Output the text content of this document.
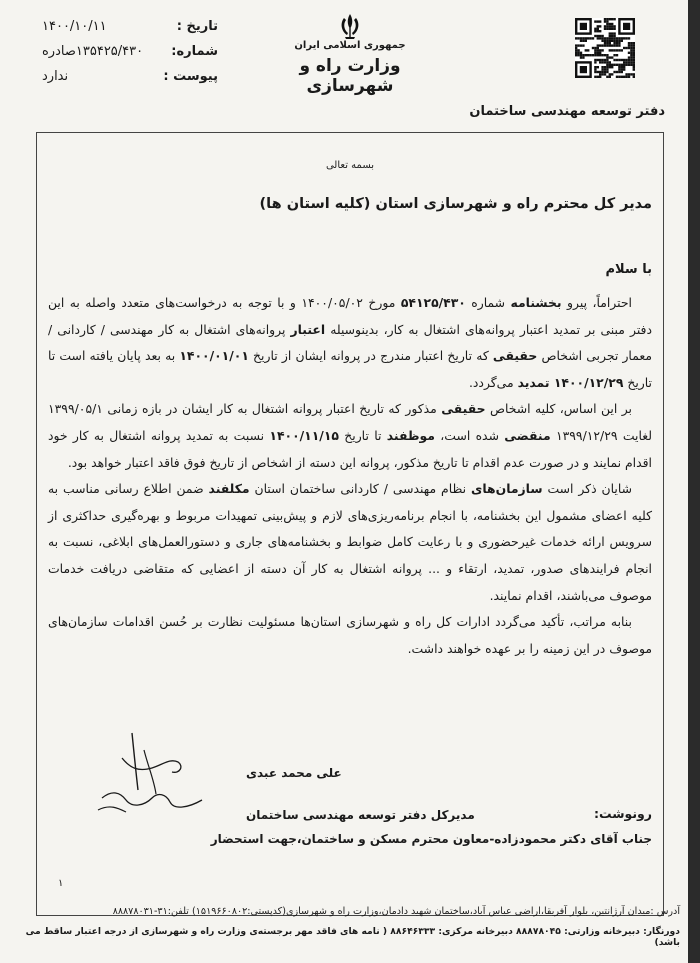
تاریخ :
۱۴۰۰/۱۰/۱۱
شماره:
۱۳۵۴۲۵/۴۳۰صادره
پیوست :
ندارد
جمهوری اسلامی ایران
وزارت راه و شهرسازی
دفتر توسعه مهندسی ساختمان
بسمه تعالی
مدیر کل محترم راه و شهرسازی استان (کلیه استان ها)
با سلام

احتراماً، پیرو بخشنامه شماره ۵۴۱۲۵/۴۳۰ مورخ ۱۴۰۰/۰۵/۰۲ و با توجه به درخواست‌های متعدد واصله به این دفتر مبنی بر تمدید اعتبار پروانه‌های اشتغال به کار، بدینوسیله اعتبار پروانه‌های اشتغال به کار مهندسی / کاردانی / معمار تجربی اشخاص حقیقی که تاریخ اعتبار مندرج در پروانه ایشان از تاریخ ۱۴۰۰/۰۱/۰۱ به بعد پایان یافته است تا تاریخ ۱۴۰۰/۱۲/۲۹ تمدید می‌گردد.

بر این اساس، کلیه اشخاص حقیقی مذکور که تاریخ اعتبار پروانه اشتغال به کار ایشان در بازه زمانی ۱۳۹۹/۰۵/۱ لغایت ۱۳۹۹/۱۲/۲۹ منقضی شده است، موظفند تا تاریخ ۱۴۰۰/۱۱/۱۵ نسبت به تمدید پروانه اشتغال به کار خود اقدام نمایند و در صورت عدم اقدام تا تاریخ مذکور، پروانه این دسته از اشخاص از تاریخ فوق فاقد اعتبار خواهد بود.

شایان ذکر است سازمان‌های نظام مهندسی / کاردانی ساختمان استان مکلفند ضمن اطلاع رسانی مناسب به کلیه اعضای مشمول این بخشنامه، با انجام برنامه‌ریزی‌های لازم و پیش‌بینی تمهیدات مربوط و بهره‌گیری حداکثری از سرویس ارائه خدمات غیرحضوری و با رعایت کامل ضوابط و بخشنامه‌های جاری و دستورالعمل‌های ابلاغی، نسبت به انجام فرایندهای صدور، تمدید، ارتقاء و ... پروانه اشتغال به کار آن دسته از اعضایی که متقاضی دریافت خدمات موصوف می‌باشند، اقدام نمایند.

بنابه مراتب، تأکید می‌گردد ادارات کل راه و شهرسازی استان‌ها مسئولیت نظارت بر حُسن اقدامات سازمان‌های موصوف در این زمینه را بر عهده خواهند داشت.

علی محمد عبدی
مدیرکل دفتر توسعه مهندسی ساختمان	رونوشت:
جناب آقای دکتر محمودزاده-معاون محترم مسکن و ساختمان،جهت استحضار
۱
آدرس :میدان آرژانتین، بلوار آفریقا،اراضی عباس آباد،ساختمان شهید دادمان،وزارت راه و شهرسازی(کدپستی:۱۵۱۹۶۶۰۸۰۲) تلفن:۳۱-۸۸۸۷۸۰۳۱
دورنگار: دبیرخانه وزارتی: ۸۸۸۷۸۰۴۵ دبیرخانه مرکزی: ۸۸۶۴۶۳۳۳ ( نامه های فاقد مهر برجسته‌ی وزارت راه و شهرسازی از درجه اعتبار ساقط می باشد)
